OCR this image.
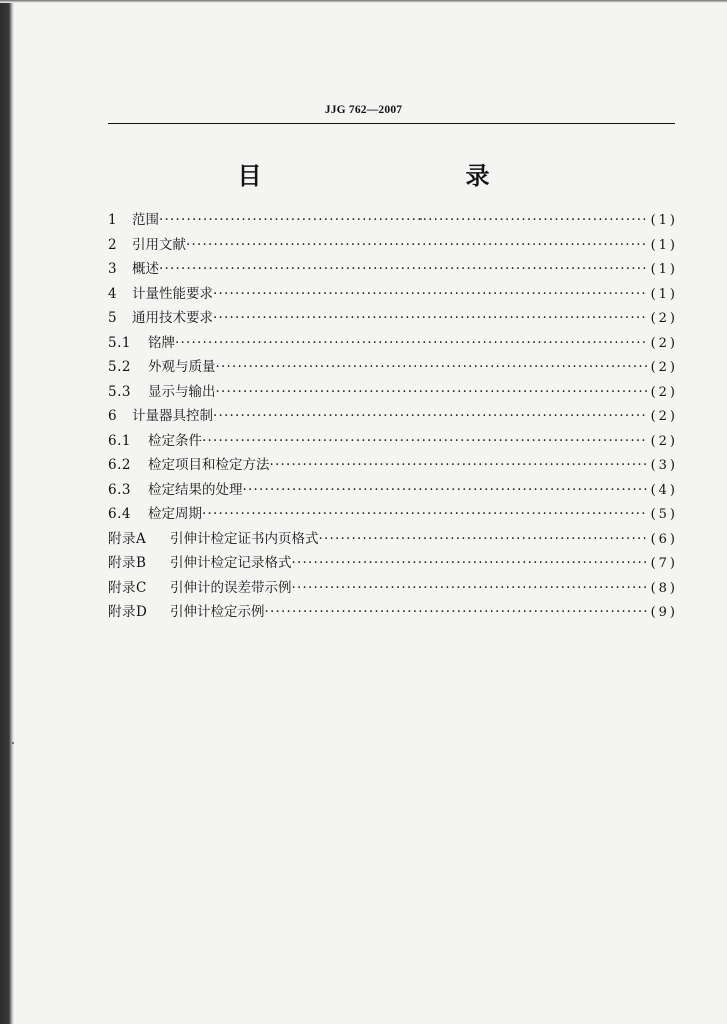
JJG 762—2007
目　　录
1	范围 ·····	(1)
2	引用文献 ·····	(1)
3	概述 ·····	(1)
4	计量性能要求 ·····	(1)
5	通用技术要求 ·····	(2)
5.1	铭牌 ·····	(2)
5.2	外观与质量 ·····	(2)
5.3	显示与输出 ·····	(2)
6	计量器具控制 ·····	(2)
6.1	检定条件 ·····	(2)
6.2	检定项目和检定方法 ·····	(3)
6.3	检定结果的处理 ·····	(4)
6.4	检定周期 ·····	(5)
附录A	引伸计检定证书内页格式 ·····	(6)
附录B	引伸计检定记录格式 ·····	(7)
附录C	引伸计的误差带示例 ·····	(8)
附录D	引伸计检定示例 ·····	(9)
